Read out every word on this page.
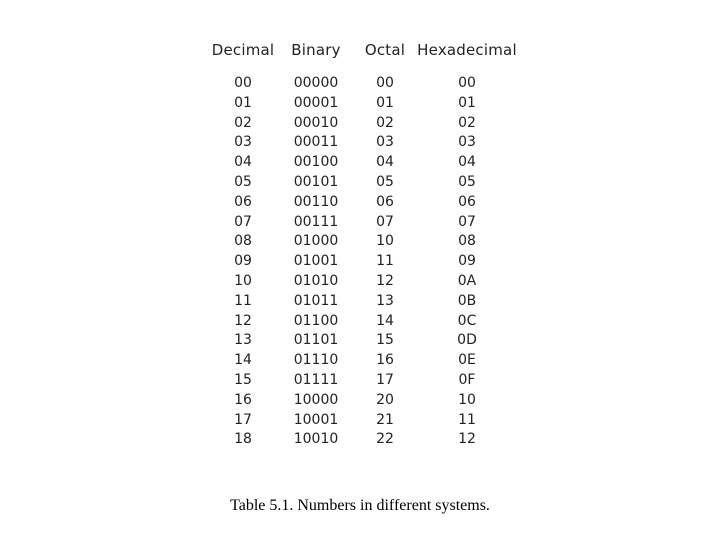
Decimal	Binary	Octal	Hexadecimal
00	00000	00	00
01	00001	01	01
02	00010	02	02
03	00011	03	03
04	00100	04	04
05	00101	05	05
06	00110	06	06
07	00111	07	07
08	01000	10	08
09	01001	11	09
10	01010	12	0A
11	01011	13	0B
12	01100	14	0C
13	01101	15	0D
14	01110	16	0E
15	01111	17	0F
16	10000	20	10
17	10001	21	11
18	10010	22	12
Table 5.1. Numbers in different systems.
